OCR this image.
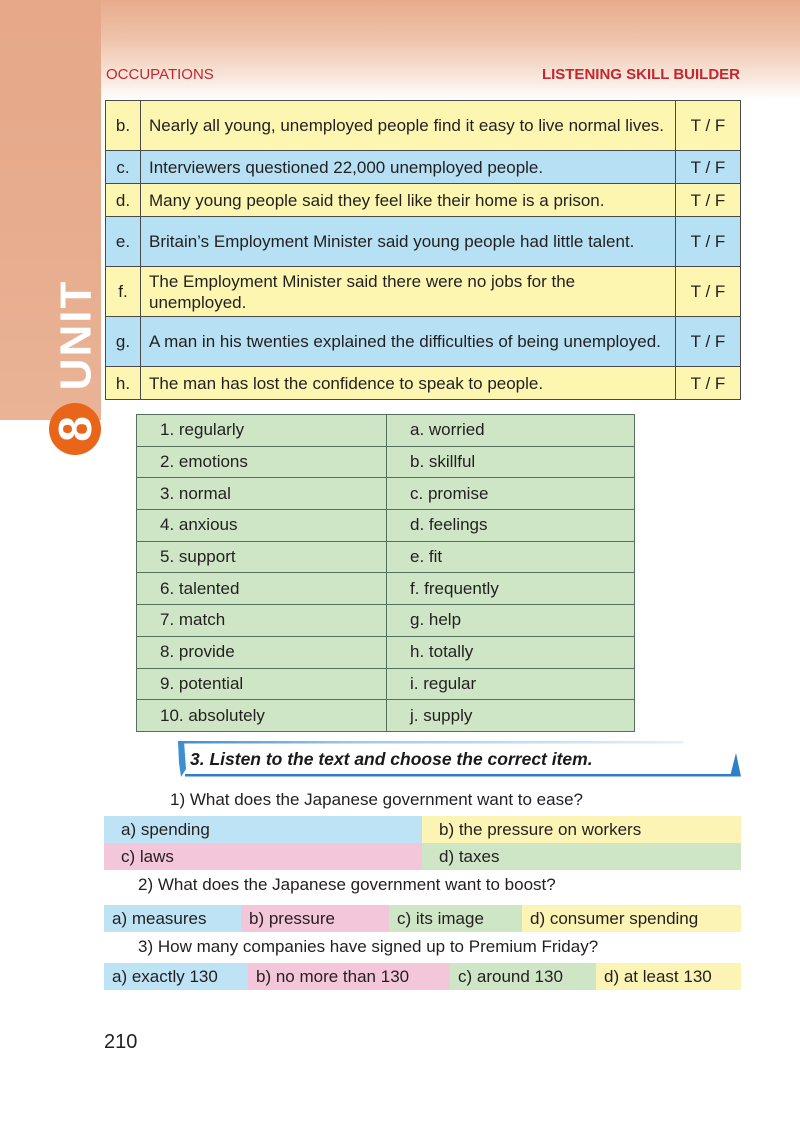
UNIT
8
OCCUPATIONS	LISTENING SKILL BUILDER
b.	Nearly all young, unemployed people find it easy to live normal lives.	T / F
c.	Interviewers questioned 22,000 unemployed people.	T / F
d.	Many young people said they feel like their home is a prison.	T / F
e.	Britain’s Employment Minister said young people had little talent.	T / F
f.	The Employment Minister said there were no jobs for the unemployed.	T / F
g.	A man in his twenties explained the difficulties of being unemployed.	T / F
h.	The man has lost the confidence to speak to people.	T / F
1. regularly	a. worried
2. emotions	b. skillful
3. normal	c. promise
4. anxious	d. feelings
5. support	e. fit
6. talented	f. frequently
7. match	g. help
8. provide	h. totally
9. potential	i. regular
10. absolutely	j. supply
3. Listen to the text and choose the correct item.
1) What does the Japanese government want to ease?
a) spending	b) the pressure on workers
c) laws	d) taxes
2) What does the Japanese government want to boost?
a) measures	b) pressure	c) its image	d) consumer spending
3) How many companies have signed up to Premium Friday?
a) exactly 130	b) no more than 130	c) around 130	d) at least 130
210
